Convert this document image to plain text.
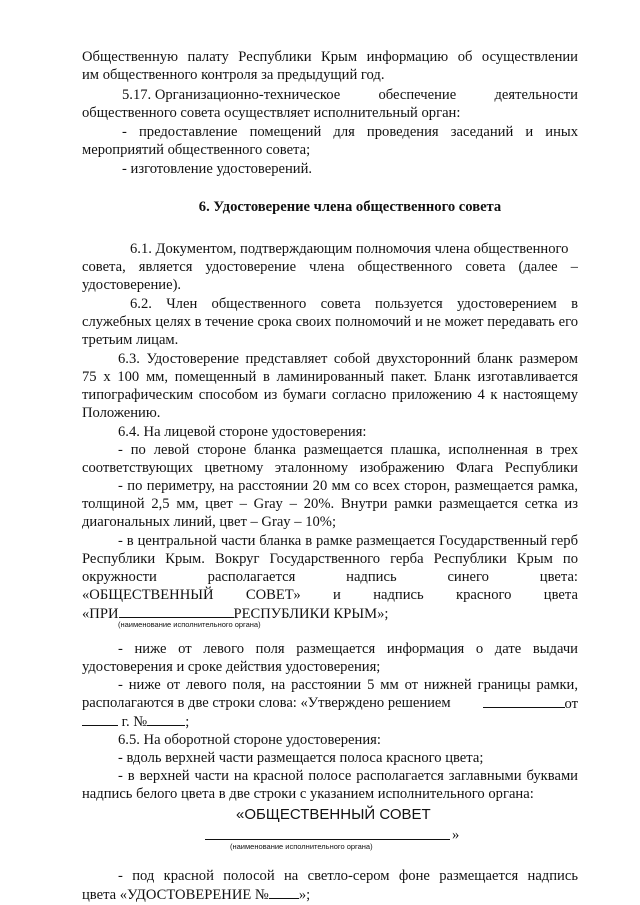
Общественную палату Республики Крым информацию об осуществлении
им общественного контроля за предыдущий год.
5.17. Организационно-техническое	обеспечение	деятельности
общественного совета осуществляет исполнительный орган:
- предоставление помещений для проведения заседаний и иных
мероприятий общественного совета;
- изготовление удостоверений.
6. Удостоверение члена общественного совета
6.1. Документом, подтверждающим полномочия члена общественного
совета, является удостоверение члена общественного совета (далее –
удостоверение).
6.2. Член общественного совета пользуется удостоверением в
служебных целях в течение срока своих полномочий и не может передавать его
третьим лицам.
6.3. Удостоверение представляет собой двухсторонний бланк размером
75 х 100 мм, помещенный в ламинированный пакет. Бланк изготавливается
типографическим способом из бумаги согласно приложению 4 к настоящему
Положению.
6.4. На лицевой стороне удостоверения:
- по левой стороне бланка размещается плашка, исполненная в трех
соответствующих цветному эталонному изображению Флага Республики
- по периметру, на расстоянии 20 мм со всех сторон, размещается рамка,
толщиной 2,5 мм, цвет – Gray – 20%. Внутри рамки размещается сетка из
диагональных линий, цвет – Gray – 10%;
- в центральной части бланка в рамке размещается Государственный герб
Республики Крым. Вокруг Государственного герба Республики Крым по
окружности	располагается	надпись	синего	цвета:
«ОБЩЕСТВЕННЫЙ СОВЕТ» и надпись красного цвета
«ПРИ	РЕСПУБЛИКИ КРЫМ»;
(наименование исполнительного органа)
- ниже от левого поля размещается информация о дате выдачи
удостоверения и сроке действия удостоверения;
- ниже от левого поля, на расстоянии 5 мм от нижней границы рамки,
располагаются в две строки слова: «Утверждено решением	от
г. №	;
6.5. На оборотной стороне удостоверения:
- вдоль верхней части размещается полоса красного цвета;
- в верхней части на красной полосе располагается заглавными буквами
надпись белого цвета в две строки с указанием исполнительного органа:
«ОБЩЕСТВЕННЫЙ СОВЕТ
»
(наименование исполнительного органа)
- под красной полосой на светло-сером фоне размещается надпись
цвета «УДОСТОВЕРЕНИЕ № »;
